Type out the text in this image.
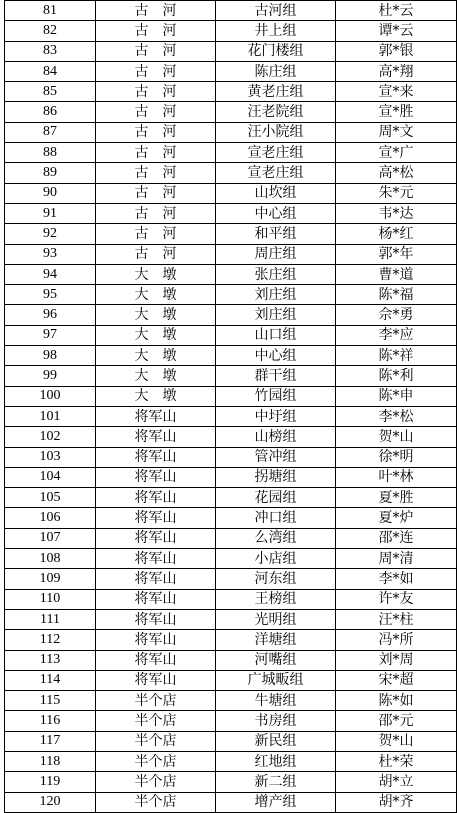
81	古　河	古河组	杜*云
82	古　河	井上组	谭*云
83	古　河	花门楼组	郭*银
84	古　河	陈庄组	高*翔
85	古　河	黄老庄组	宣*来
86	古　河	汪老院组	宣*胜
87	古　河	汪小院组	周*文
88	古　河	宣老庄组	宣*广
89	古　河	宣老庄组	高*松
90	古　河	山坎组	朱*元
91	古　河	中心组	韦*达
92	古　河	和平组	杨*红
93	古　河	周庄组	郭*年
94	大　墩	张庄组	曹*道
95	大　墩	刘庄组	陈*福
96	大　墩	刘庄组	佘*勇
97	大　墩	山口组	李*应
98	大　墩	中心组	陈*祥
99	大　墩	群干组	陈*利
100	大　墩	竹园组	陈*申
101	将军山	中圩组	李*松
102	将军山	山榜组	贺*山
103	将军山	管冲组	徐*明
104	将军山	拐塘组	叶*林
105	将军山	花园组	夏*胜
106	将军山	冲口组	夏*炉
107	将军山	么湾组	邵*连
108	将军山	小店组	周*清
109	将军山	河东组	李*如
110	将军山	王榜组	许*友
111	将军山	光明组	汪*柱
112	将军山	洋塘组	冯*所
113	将军山	河嘴组	刘*周
114	将军山	广城畈组	宋*超
115	半个店	牛塘组	陈*如
116	半个店	书房组	邵*元
117	半个店	新民组	贺*山
118	半个店	红地组	杜*荣
119	半个店	新二组	胡*立
120	半个店	增产组	胡*齐
